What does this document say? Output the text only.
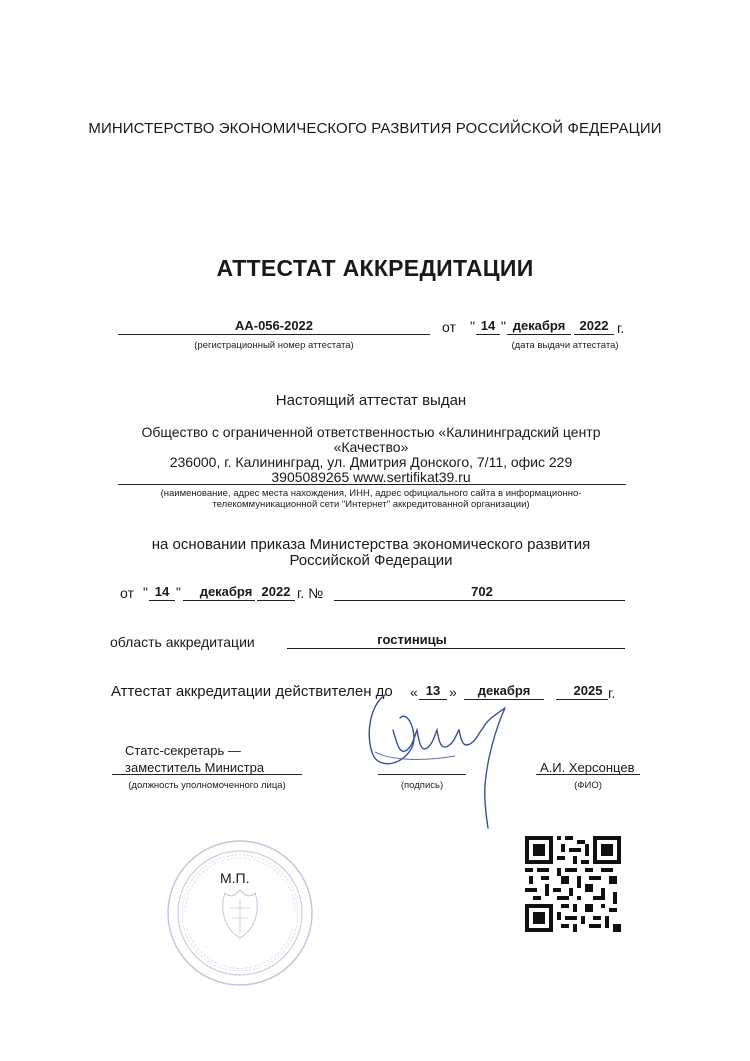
МИНИСТЕРСТВО ЭКОНОМИЧЕСКОГО РАЗВИТИЯ РОССИЙСКОЙ ФЕДЕРАЦИИ
АТТЕСТАТ АККРЕДИТАЦИИ
АА-056-2022
(регистрационный номер аттестата)
от " 14 " декабря	2022 г.
(дата выдачи аттестата)
Настоящий аттестат выдан
Общество с ограниченной ответственностью «Калининградский центр
«Качество»
236000, г. Калининград, ул. Дмитрия Донского, 7/11, офис 229
3905089265 www.sertifikat39.ru
(наименование, адрес места нахождения, ИНН, адрес официального сайта в информационно-
телекоммуникационной сети "Интернет" аккредитованной организации)
на основании приказа Министерства экономического развития
Российской Федерации
от " 14 "	декабря 2022 г. №	702
область аккредитации	гостиницы
Аттестат аккредитации действителен до « 13 »	декабря	2025 г.
Статс-секретарь —
заместитель Министра
(должность уполномоченного лица)	(подпись)
А.И. Херсонцев
(ФИО)
М.П.
